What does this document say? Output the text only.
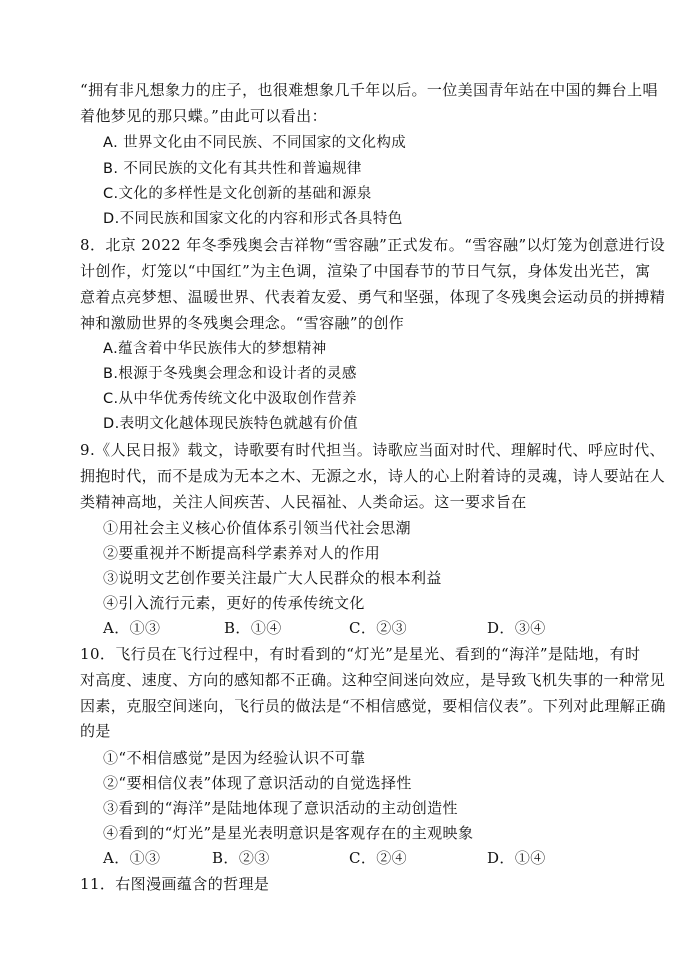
“拥有非凡想象力的庄子，也很难想象几千年以后。一位美国青年站在中国的舞台上唱
着他梦见的那只蝶。”由此可以看出：
A. 世界文化由不同民族、不同国家的文化构成
B. 不同民族的文化有其共性和普遍规律
C.文化的多样性是文化创新的基础和源泉
D.不同民族和国家文化的内容和形式各具特色
8．北京 2022 年冬季残奥会吉祥物“雪容融”正式发布。“雪容融”以灯笼为创意进行设
计创作，灯笼以“中国红”为主色调，渲染了中国春节的节日气氛，身体发出光芒，寓
意着点亮梦想、温暖世界、代表着友爱、勇气和坚强，体现了冬残奥会运动员的拼搏精
神和激励世界的冬残奥会理念。“雪容融”的创作
A.蕴含着中华民族伟大的梦想精神
B.根源于冬残奥会理念和设计者的灵感
C.从中华优秀传统文化中汲取创作营养
D.表明文化越体现民族特色就越有价值
9.《人民日报》载文，诗歌要有时代担当。诗歌应当面对时代、理解时代、呼应时代、
拥抱时代，而不是成为无本之木、无源之水，诗人的心上附着诗的灵魂，诗人要站在人
类精神高地，关注人间疾苦、人民福祉、人类命运。这一要求旨在
①用社会主义核心价值体系引领当代社会思潮
②要重视并不断提高科学素养对人的作用
③说明文艺创作要关注最广大人民群众的根本利益
④引入流行元素，更好的传承传统文化
A．①③	B．①④	C．②③	D．③④
10．飞行员在飞行过程中，有时看到的“灯光”是星光、看到的“海洋”是陆地，有时
对高度、速度、方向的感知都不正确。这种空间迷向效应，是导致飞机失事的一种常见
因素，克服空间迷向，飞行员的做法是“不相信感觉，要相信仪表”。下列对此理解正确
的是
①“不相信感觉”是因为经验认识不可靠
②“要相信仪表”体现了意识活动的自觉选择性
③看到的“海洋”是陆地体现了意识活动的主动创造性
④看到的“灯光”是星光表明意识是客观存在的主观映象
A．①③	B．②③	C．②④	D．①④
11．右图漫画蕴含的哲理是
